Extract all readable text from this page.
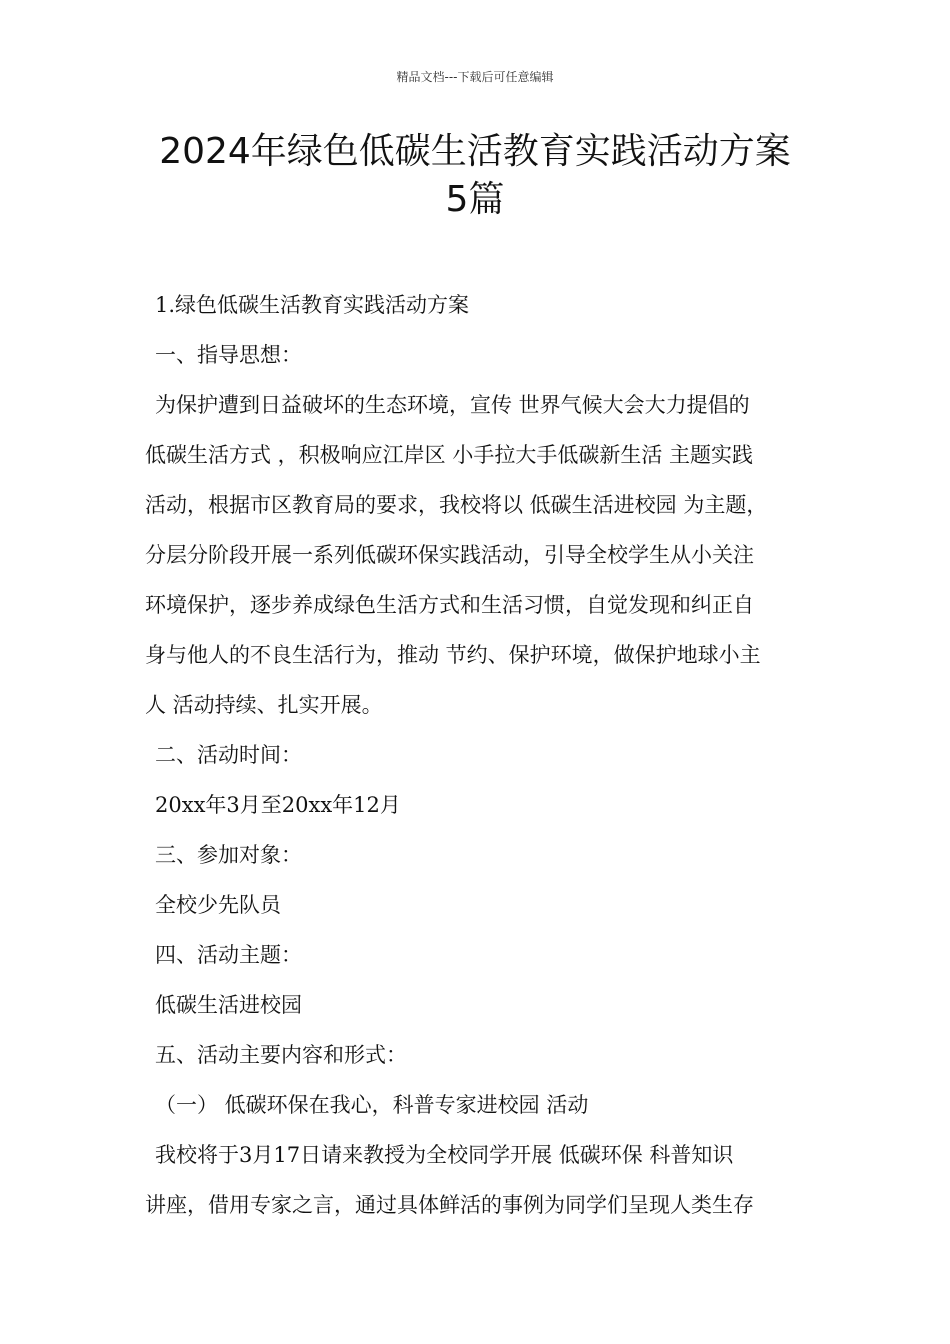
精品文档---下载后可任意编辑
2024年绿色低碳生活教育实践活动方案
5篇
1.绿色低碳生活教育实践活动方案
一、指导思想：
为保护遭到日益破坏的生态环境，宣传 世界气候大会大力提倡的
低碳生活方式 ，积极响应江岸区 小手拉大手低碳新生活 主题实践
活动，根据市区教育局的要求，我校将以 低碳生活进校园 为主题，
分层分阶段开展一系列低碳环保实践活动，引导全校学生从小关注
环境保护，逐步养成绿色生活方式和生活习惯，自觉发现和纠正自
身与他人的不良生活行为，推动 节约、保护环境，做保护地球小主
人 活动持续、扎实开展。
二、活动时间：
20xx年3月至20xx年12月
三、参加对象：
全校少先队员
四、活动主题：
低碳生活进校园
五、活动主要内容和形式：
（一） 低碳环保在我心，科普专家进校园 活动
我校将于3月17日请来教授为全校同学开展 低碳环保 科普知识
讲座，借用专家之言，通过具体鲜活的事例为同学们呈现人类生存
